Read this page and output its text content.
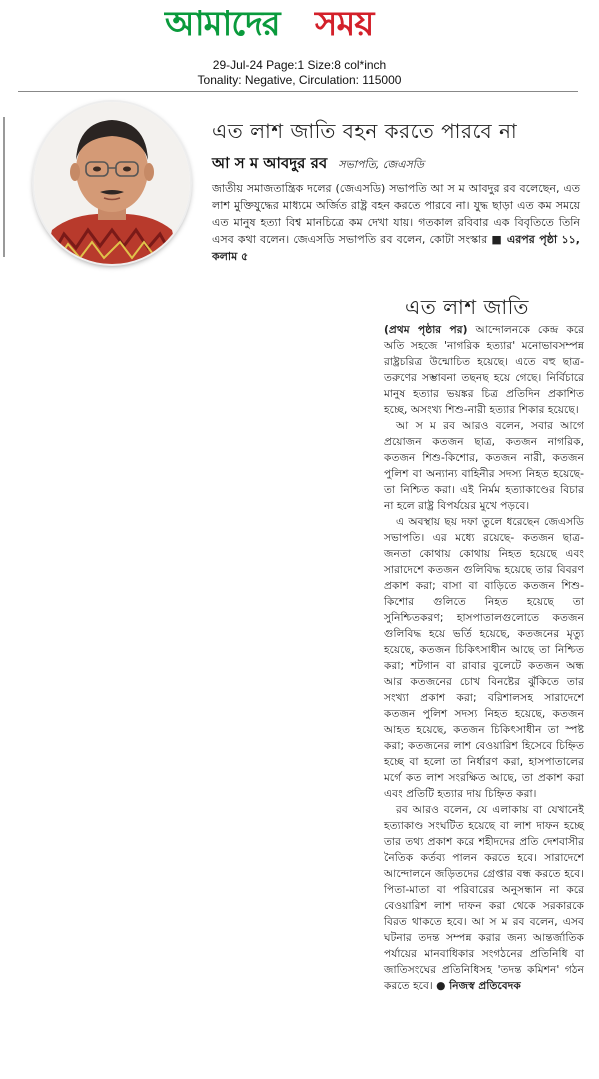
আমাদের সময়
29-Jul-24 Page:1 Size:8 col*inch
Tonality: Negative, Circulation: 115000
এত লাশ জাতি বহন করতে পারবে না
আ স ম আবদুর রব সভাপতি, জেএসডি
জাতীয় সমাজতান্ত্রিক দলের (জেএসডি) সভাপতি আ স ম আবদুর রব বলেছেন, এত লাশ মুক্তিযুদ্ধের মাধ্যমে অর্জিত রাষ্ট্র বহন করতে পারবে না। যুদ্ধ ছাড়া এত কম সময়ে এত মানুষ হত্যা বিশ্ব মানচিত্রে কম দেখা যায়। গতকাল রবিবার এক বিবৃতিতে তিনি এসব কথা বলেন। জেএসডি সভাপতি রব বলেন, কোটা সংস্কার ■ এরপর পৃষ্ঠা ১১, কলাম ৫
এত লাশ জাতি

(প্রথম পৃষ্ঠার পর) আন্দোলনকে কেন্দ্র করে অতি সহজে 'নাগরিক হত্যার' মনোভাবসম্পন্ন রাষ্ট্রচরিত্র উন্মোচিত হয়েছে। এতে বহু ছাত্র-তরুণের সম্ভাবনা তছনছ হয়ে গেছে। নির্বিচারে মানুষ হত্যার ভয়ঙ্কর চিত্র প্রতিদিন প্রকাশিত হচ্ছে, অসংখ্য শিশু-নারী হত্যার শিকার হয়েছে।

আ স ম রব আরও বলেন, সবার আগে প্রয়োজন কতজন ছাত্র, কতজন নাগরিক, কতজন শিশু-কিশোর, কতজন নারী, কতজন পুলিশ বা অন্যান্য বাহিনীর সদস্য নিহত হয়েছে- তা নিশ্চিত করা। এই নির্মম হত্যাকাণ্ডের বিচার না হলে রাষ্ট্র বিপর্যয়ের মুখে পড়বে।

এ অবস্থায় ছয় দফা তুলে ধরেছেন জেএসডি সভাপতি। এর মধ্যে রয়েছে- কতজন ছাত্র-জনতা কোথায় কোথায় নিহত হয়েছে এবং সারাদেশে কতজন গুলিবিদ্ধ হয়েছে তার বিবরণ প্রকাশ করা; বাসা বা বাড়িতে কতজন শিশু-কিশোর গুলিতে নিহত হয়েছে তা সুনিশ্চিতকরণ; হাসপাতালগুলোতে কতজন গুলিবিদ্ধ হয়ে ভর্তি হয়েছে, কতজনের মৃত্যু হয়েছে, কতজন চিকিৎসাধীন আছে তা নিশ্চিত করা; শটগান বা রাবার বুলেটে কতজন অন্ধ আর কতজনের চোখ বিনষ্টের ঝুঁকিতে তার সংখ্যা প্রকাশ করা; বরিশালসহ সারাদেশে কতজন পুলিশ সদস্য নিহত হয়েছে, কতজন আহত হয়েছে, কতজন চিকিৎসাধীন তা স্পষ্ট করা; কতজনের লাশ বেওয়ারিশ হিসেবে চিহ্নিত হচ্ছে বা হলো তা নির্ধারণ করা, হাসপাতালের মর্গে কত লাশ সংরক্ষিত আছে, তা প্রকাশ করা এবং প্রতিটি হত্যার দায় চিহ্নিত করা।

রব আরও বলেন, যে এলাকায় বা যেখানেই হত্যাকাণ্ড সংঘটিত হয়েছে বা লাশ দাফন হচ্ছে তার তথ্য প্রকাশ করে শহীদদের প্রতি দেশবাসীর নৈতিক কর্তব্য পালন করতে হবে। সারাদেশে আন্দোলনে জড়িতদের গ্রেপ্তার বন্ধ করতে হবে। পিতা-মাতা বা পরিবারের অনুসন্ধান না করে বেওয়ারিশ লাশ দাফন করা থেকে সরকারকে বিরত থাকতে হবে। আ স ম রব বলেন, এসব ঘটনার তদন্ত সম্পন্ন করার জন্য আন্তর্জাতিক পর্যায়ের মানবাধিকার সংগঠনের প্রতিনিধি বা জাতিসংঘের প্রতিনিধিসহ 'তদন্ত কমিশন' গঠন করতে হবে। ● নিজস্ব প্রতিবেদক
